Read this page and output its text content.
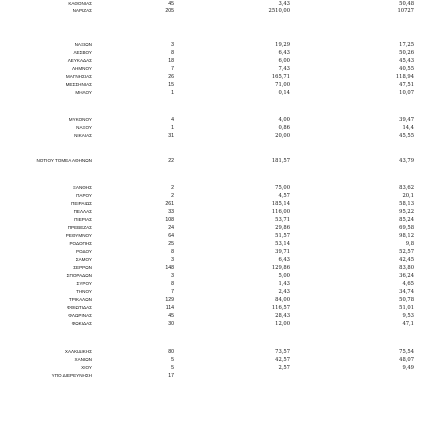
ΚΑΘΟΝΙΑΣ	45	3,43	50,48
ΝΑΡΙΖΑΣ	205	2510,00	10727
ΝΑΞΙΩΝ	3	19,29	17,25
ΛΕΣΒΟΥ	8	6,43	50,26
ΛΕΥΚΑΔΑΣ	18	6,00	45,43
ΛΗΜΝΟΥ	7	7,43	40,55
ΜΑΓΝΗΣΙΑΣ	26	165,71	118,94
ΜΕΣΣΗΝΙΑΣ	15	71,00	47,51
ΜΗΛΟΥ	1	0,14	10,07
ΜΥΚΟΝΟΥ	4	4,00	39,47
ΝΑΞΟΥ	1	0,86	14,4
ΝΙΚΑΙΑΣ	31	20,00	45,55
ΝΟΤΙΟΥ ΤΟΜΕΑ ΑΘΗΝΩΝ	22	181,57	43,79
ΞΑΝΘΗΣ	2	75,00	83,62
ΠΑΡΟΥ	2	4,57	20,1
ΠΕΙΡΑΙΩΣ	261	185,14	58,13
ΠΕΛΛΑΣ	33	116,00	95,22
ΠΙΕΡΙΑΣ	108	53,71	85,24
ΠΡΕΒΕΖΑΣ	24	29,86	69,58
ΡΕΘΥΜΝΟΥ	64	51,57	98,12
ΡΟΔΟΠΗΣ	25	53,14	9,8
ΡΟΔΟΥ	8	39,71	52,57
ΣΑΜΟΥ	3	6,43	42,45
ΣΕΡΡΩΝ	148	129,86	83,80
ΣΠΟΡΑΔΩΝ	3	5,00	36,24
ΣΥΡΟΥ	8	1,43	4,65
ΤΗΝΟΥ	7	2,43	34,74
ΤΡΙΚΑΛΩΝ	129	84,00	50,78
ΦΘΙΩΤΙΔΑΣ	114	116,57	51,01
ΦΛΩΡΙΝΑΣ	45	28,43	9,53
ΦΩΚΙΔΑΣ	30	12,00	47,1
ΧΑΛΚΙΔΙΚΗΣ	80	73,57	75,54
ΧΑΝΙΩΝ	5	42,57	48,07
ΧΙΟΥ	5	2,57	9,49
ΥΠΟ ΔΙΕΡΕΥΝΗΣΗ	17
